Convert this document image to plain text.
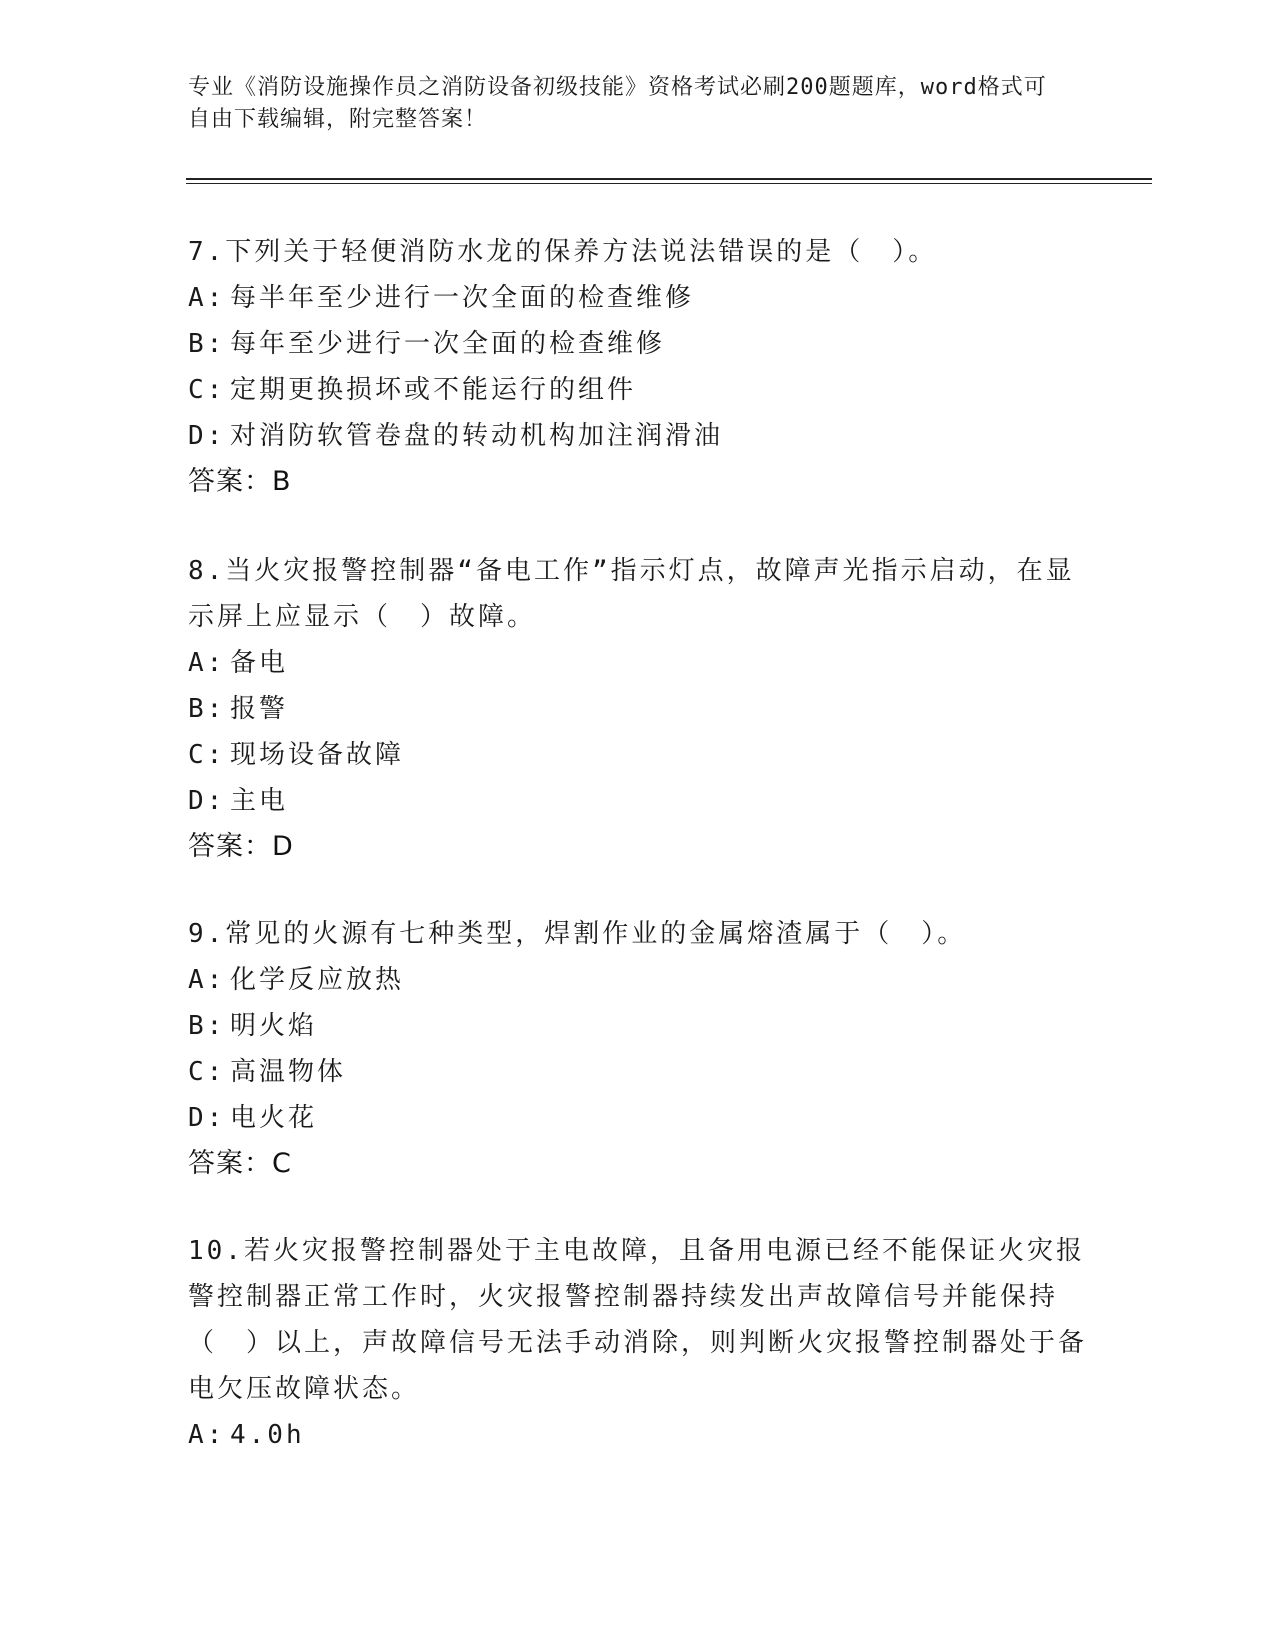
专业《消防设施操作员之消防设备初级技能》资格考试必刷200题题库，word格式可自由下载编辑，附完整答案！

7.下列关于轻便消防水龙的保养方法说法错误的是（　）。

A: 每半年至少进行一次全面的检查维修
B: 每年至少进行一次全面的检查维修
C: 定期更换损坏或不能运行的组件
D: 对消防软管卷盘的转动机构加注润滑油
答案：B

8.当火灾报警控制器“备电工作”指示灯点，故障声光指示启动，在显示屏上应显示（　）故障。

A: 备电
B: 报警
C: 现场设备故障
D: 主电
答案：D

9.常见的火源有七种类型，焊割作业的金属熔渣属于（　）。

A: 化学反应放热
B: 明火焰
C: 高温物体
D: 电火花
答案：C

10.若火灾报警控制器处于主电故障，且备用电源已经不能保证火灾报警控制器正常工作时，火灾报警控制器持续发出声故障信号并能保持（　）以上，声故障信号无法手动消除，则判断火灾报警控制器处于备电欠压故障状态。

A: 4.0h
